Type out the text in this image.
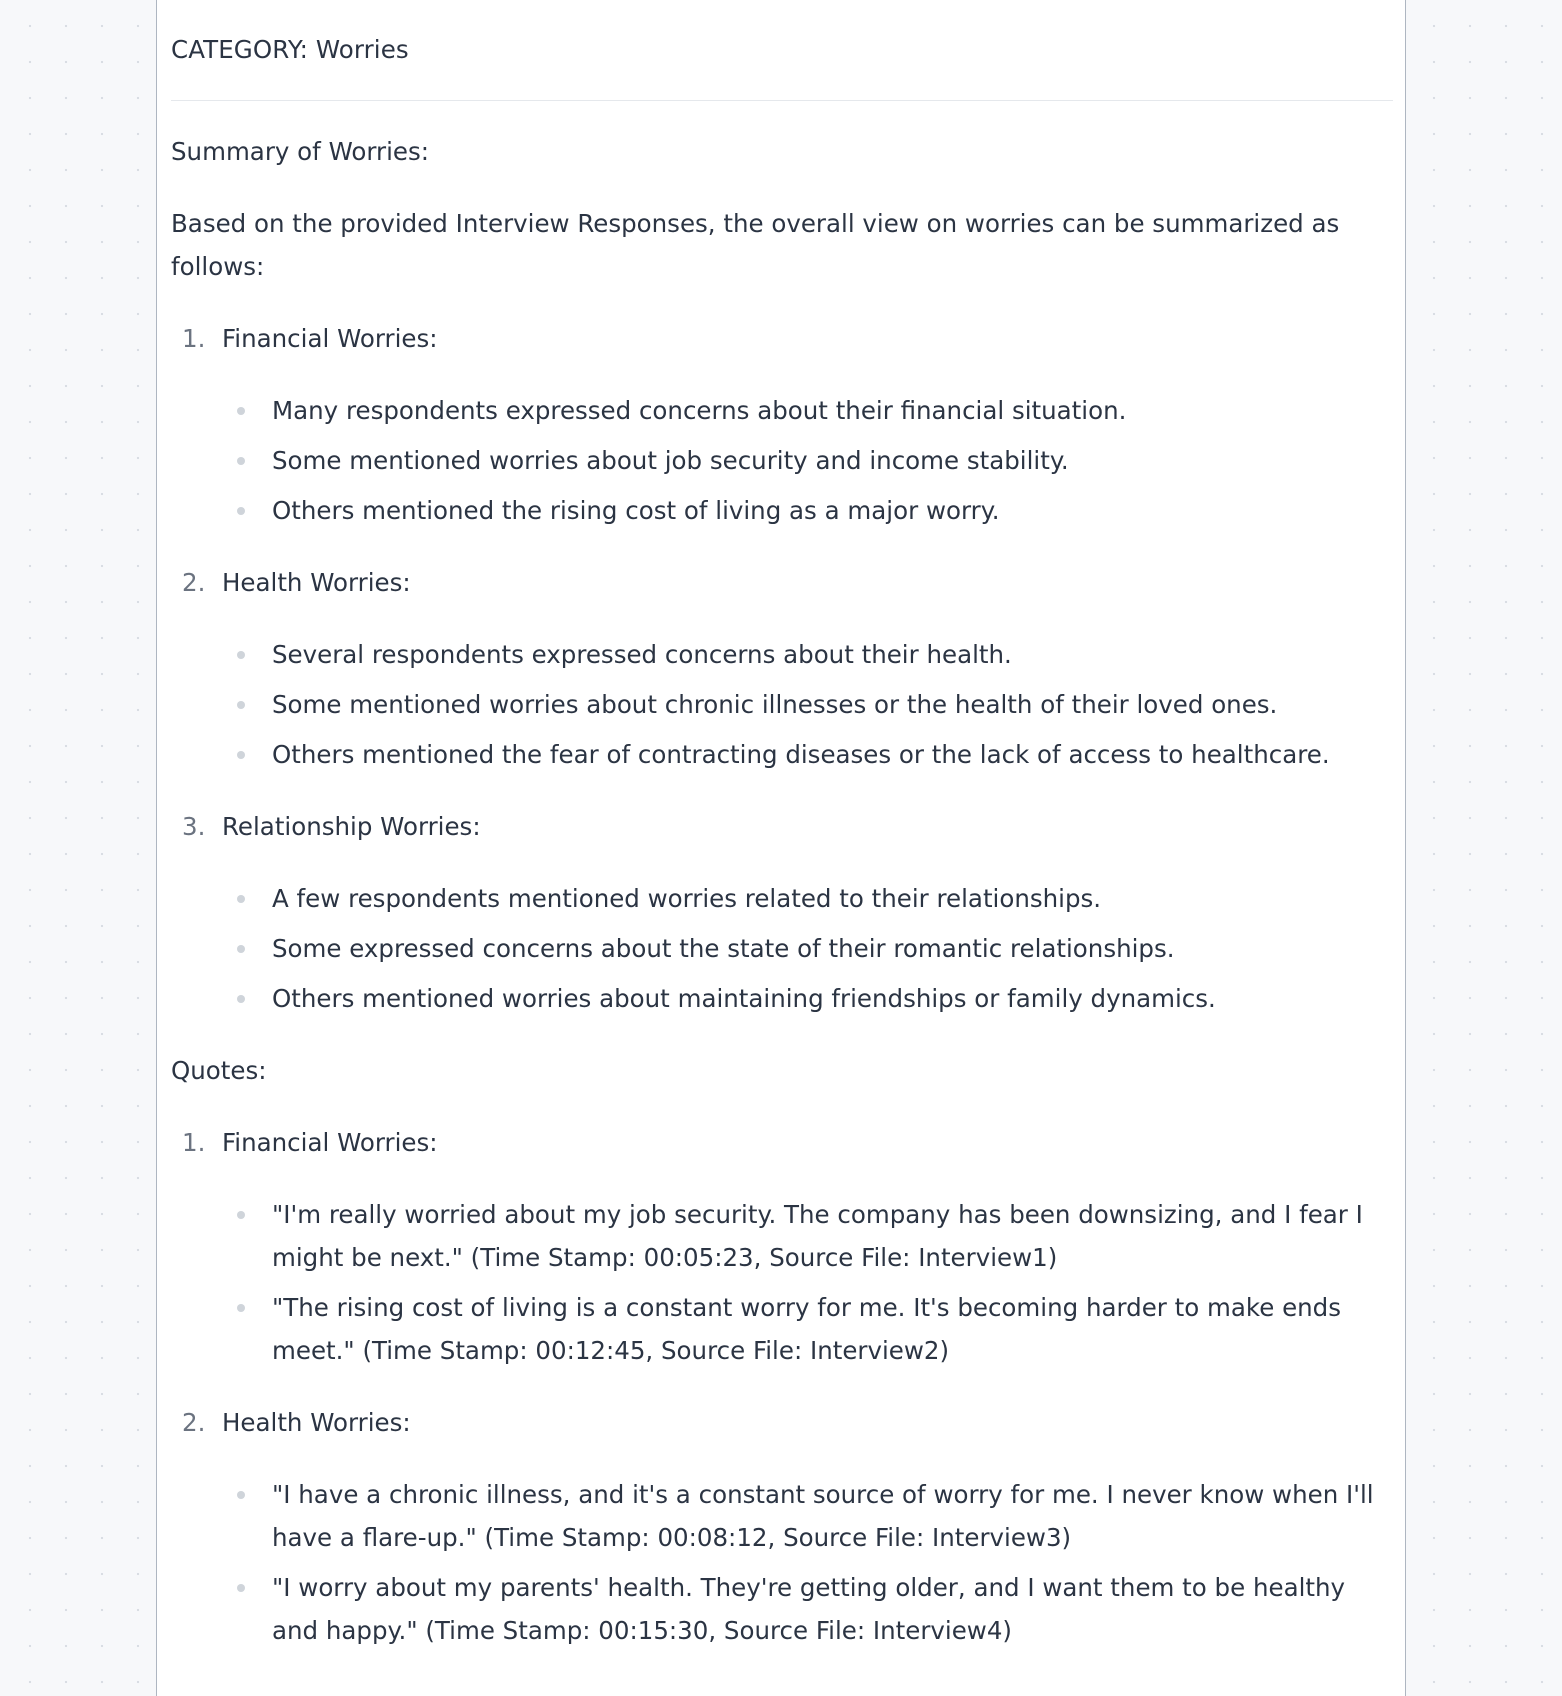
CATEGORY: Worries

Summary of Worries:

Based on the provided Interview Responses, the overall view on worries can be summarized as follows:

1. Financial Worries:
Many respondents expressed concerns about their financial situation.
Some mentioned worries about job security and income stability.
Others mentioned the rising cost of living as a major worry.
2. Health Worries:
Several respondents expressed concerns about their health.
Some mentioned worries about chronic illnesses or the health of their loved ones.
Others mentioned the fear of contracting diseases or the lack of access to healthcare.
3. Relationship Worries:
A few respondents mentioned worries related to their relationships.
Some expressed concerns about the state of their romantic relationships.
Others mentioned worries about maintaining friendships or family dynamics.

Quotes:

1. Financial Worries:
"I'm really worried about my job security. The company has been downsizing, and I fear I might be next." (Time Stamp: 00:05:23, Source File: Interview1)
"The rising cost of living is a constant worry for me. It's becoming harder to make ends meet." (Time Stamp: 00:12:45, Source File: Interview2)
2. Health Worries:
"I have a chronic illness, and it's a constant source of worry for me. I never know when I'll have a flare-up." (Time Stamp: 00:08:12, Source File: Interview3)
"I worry about my parents' health. They're getting older, and I want them to be healthy and happy." (Time Stamp: 00:15:30, Source File: Interview4)
